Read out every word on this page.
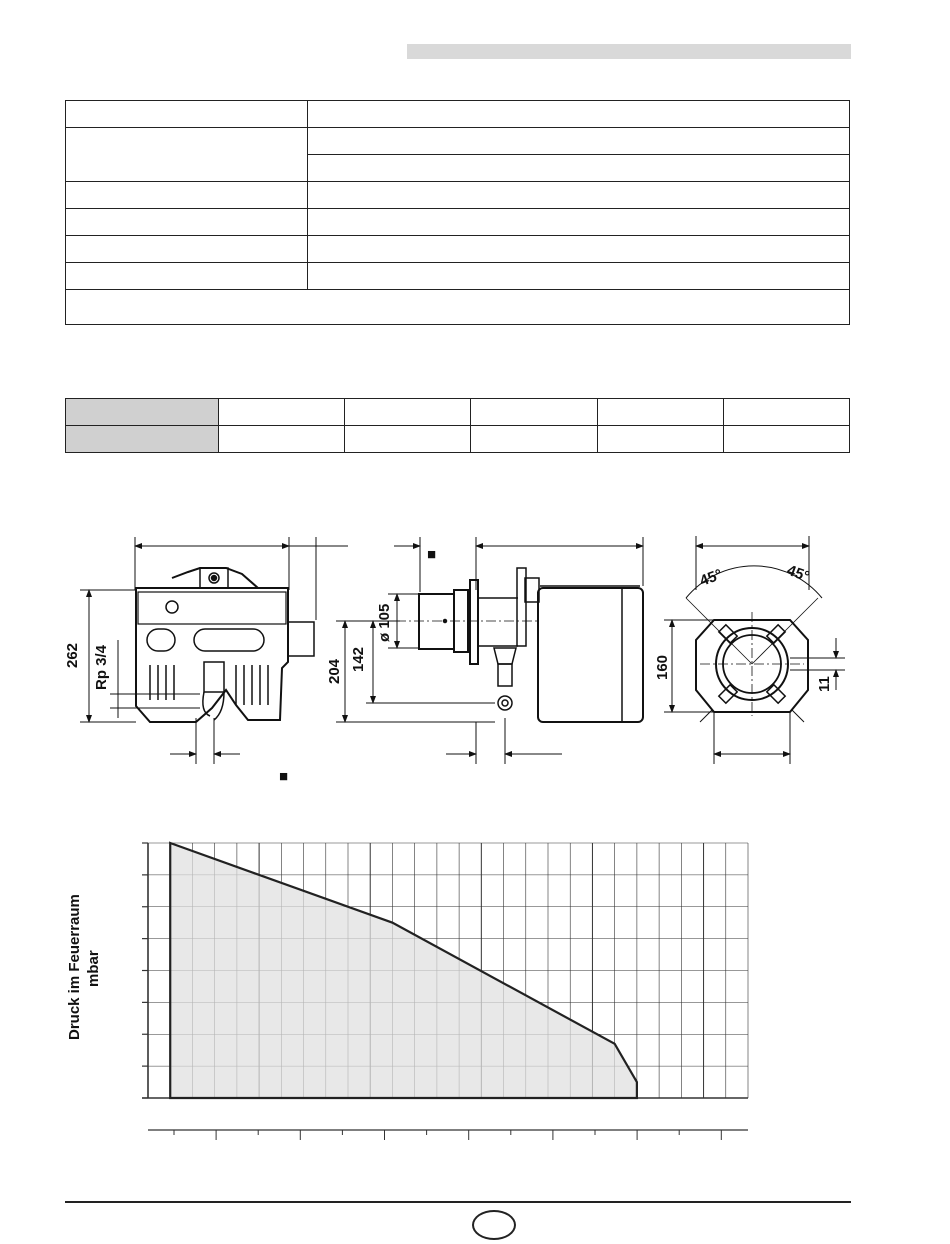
262 Rp 3/4
■
■
ø 105
142
204
45°	45°
160
11
Druck im Feuerraum mbar
